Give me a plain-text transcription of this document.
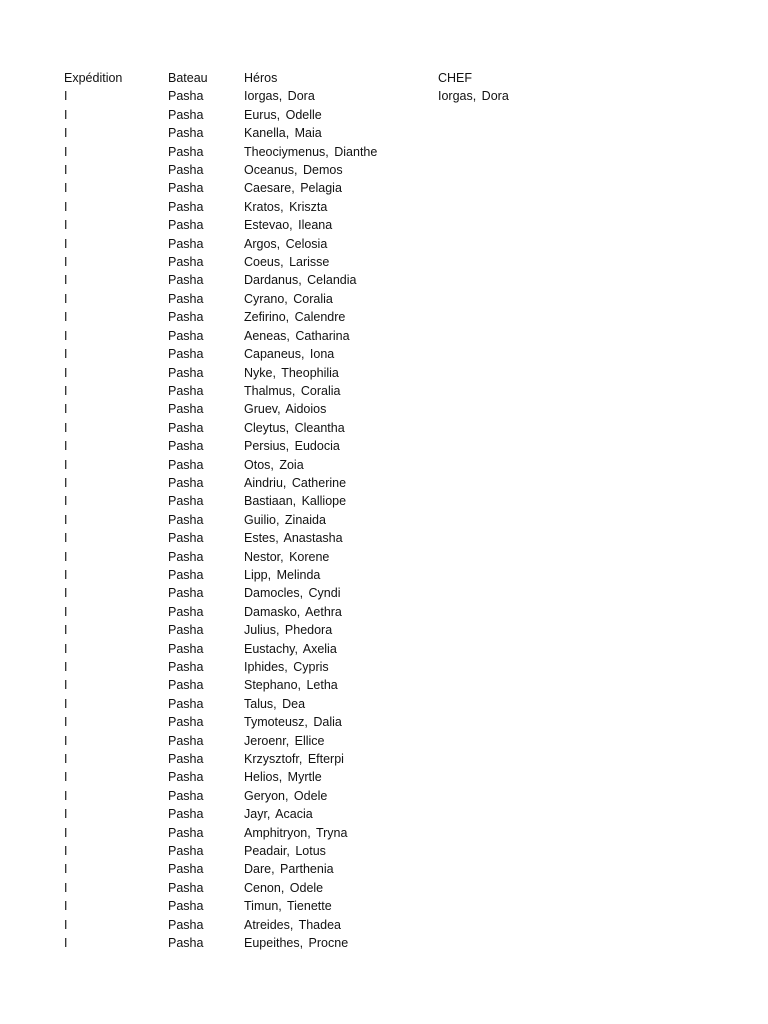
Expédition	Bateau	Héros	CHEF
I	Pasha	Iorgas, Dora	Iorgas, Dora
I	Pasha	Eurus, Odelle	
I	Pasha	Kanella, Maia	
I	Pasha	Theociymenus, Dianthe	
I	Pasha	Oceanus, Demos	
I	Pasha	Caesare, Pelagia	
I	Pasha	Kratos, Kriszta	
I	Pasha	Estevao, Ileana	
I	Pasha	Argos, Celosia	
I	Pasha	Coeus, Larisse	
I	Pasha	Dardanus, Celandia	
I	Pasha	Cyrano, Coralia	
I	Pasha	Zefirino, Calendre	
I	Pasha	Aeneas, Catharina	
I	Pasha	Capaneus, Iona	
I	Pasha	Nyke, Theophilia	
I	Pasha	Thalmus, Coralia	
I	Pasha	Gruev, Aidoios	
I	Pasha	Cleytus, Cleantha	
I	Pasha	Persius, Eudocia	
I	Pasha	Otos, Zoia	
I	Pasha	Aindriu, Catherine	
I	Pasha	Bastiaan, Kalliope	
I	Pasha	Guilio, Zinaida	
I	Pasha	Estes, Anastasha	
I	Pasha	Nestor, Korene	
I	Pasha	Lipp, Melinda	
I	Pasha	Damocles, Cyndi	
I	Pasha	Damasko, Aethra	
I	Pasha	Julius, Phedora	
I	Pasha	Eustachy, Axelia	
I	Pasha	Iphides, Cypris	
I	Pasha	Stephano, Letha	
I	Pasha	Talus, Dea	
I	Pasha	Tymoteusz, Dalia	
I	Pasha	Jeroenr, Ellice	
I	Pasha	Krzysztofr, Efterpi	
I	Pasha	Helios, Myrtle	
I	Pasha	Geryon, Odele	
I	Pasha	Jayr, Acacia	
I	Pasha	Amphitryon, Tryna	
I	Pasha	Peadair, Lotus	
I	Pasha	Dare, Parthenia	
I	Pasha	Cenon, Odele	
I	Pasha	Timun, Tienette	
I	Pasha	Atreides, Thadea	
I	Pasha	Eupeithes, Procne	
